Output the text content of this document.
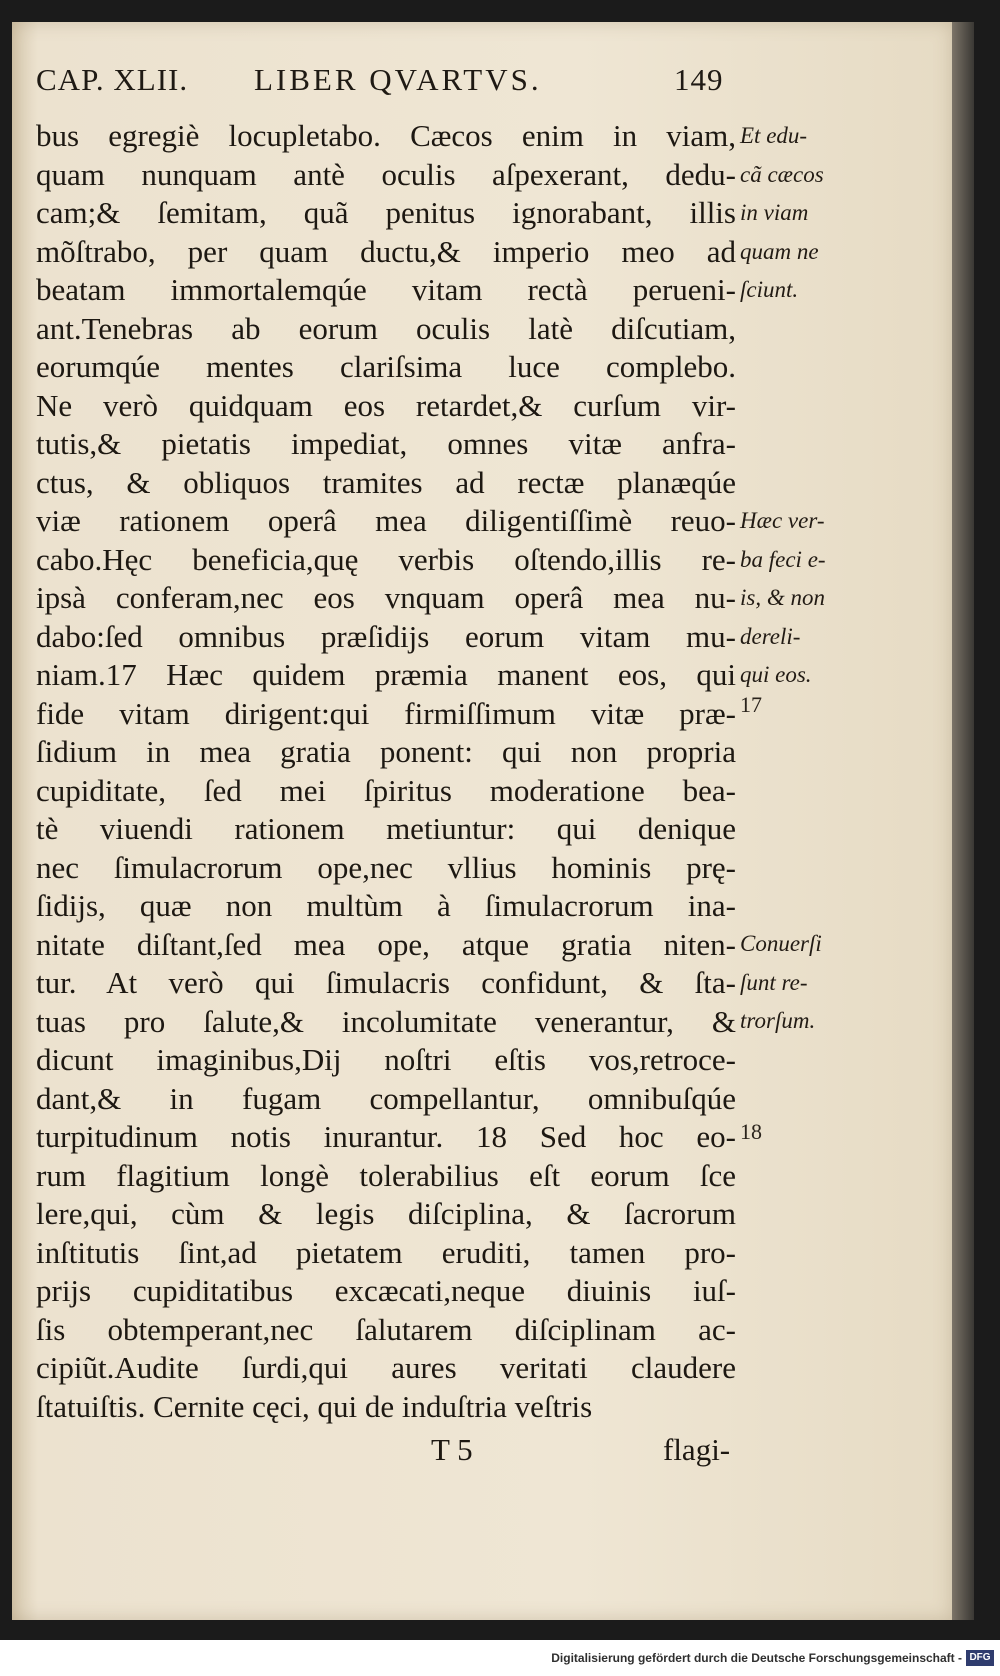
CAP. XLII. LIBER QVARTVS.	149
bus egregiè locupletabo. Cæcos enim in viam,
quam nunquam antè oculis aſpexerant, dedu-
cam;& ſemitam, quã penitus ignorabant, illis
mõſtrabo, per quam ductu,& imperio meo ad
beatam immortalemqúe vitam rectà perueni-
ant.Tenebras ab eorum oculis latè diſcutiam,
eorumqúe mentes clariſsima luce complebo.
Ne verò quidquam eos retardet,& curſum vir-
tutis,& pietatis impediat, omnes vitæ anfra-
ctus, & obliquos tramites ad rectæ planæqúe
viæ rationem operâ mea diligentiſſimè reuo-
cabo.Hęc beneficia,quę verbis oſtendo,illis re-
ipsà conferam,nec eos vnquam operâ mea nu-
dabo:ſed omnibus præſidijs eorum vitam mu-
niam.17 Hæc quidem præmia manent eos, qui
fide vitam dirigent:qui firmiſſimum vitæ præ-
ſidium in mea gratia ponent: qui non propria
cupiditate, ſed mei ſpiritus moderatione bea-
tè viuendi rationem metiuntur: qui denique
nec ſimulacrorum ope,nec vllius hominis prę-
ſidijs, quæ non multùm à ſimulacrorum ina-
nitate diſtant,ſed mea ope, atque gratia niten-
tur. At verò qui ſimulacris confidunt, & ſta-
tuas pro ſalute,& incolumitate venerantur, &
dicunt imaginibus,Dij noſtri eſtis vos,retroce-
dant,& in fugam compellantur, omnibuſqúe
turpitudinum notis inurantur. 18 Sed hoc eo-
rum flagitium longè tolerabilius eſt eorum ſce
lere,qui, cùm & legis diſciplina, & ſacrorum
inſtitutis ſint,ad pietatem eruditi, tamen pro-
prijs cupiditatibus excæcati,neque diuinis iuſ-
ſis obtemperant,nec ſalutarem diſciplinam ac-
cipiũt.Audite ſurdi,qui aures veritati claudere
ſtatuiſtis. Cernite cęci, qui de induſtria veſtris
T 5	flagi-
Et edu-
cã cæcos
in viam
quam ne
ſciunt.
Hæc ver-
ba feci e-
is, & non
dereli-
qui eos.
17
Conuerſi
ſunt re-
trorſum.
18
Digitalisierung gefördert durch die Deutsche Forschungsgemeinschaft - DFG
